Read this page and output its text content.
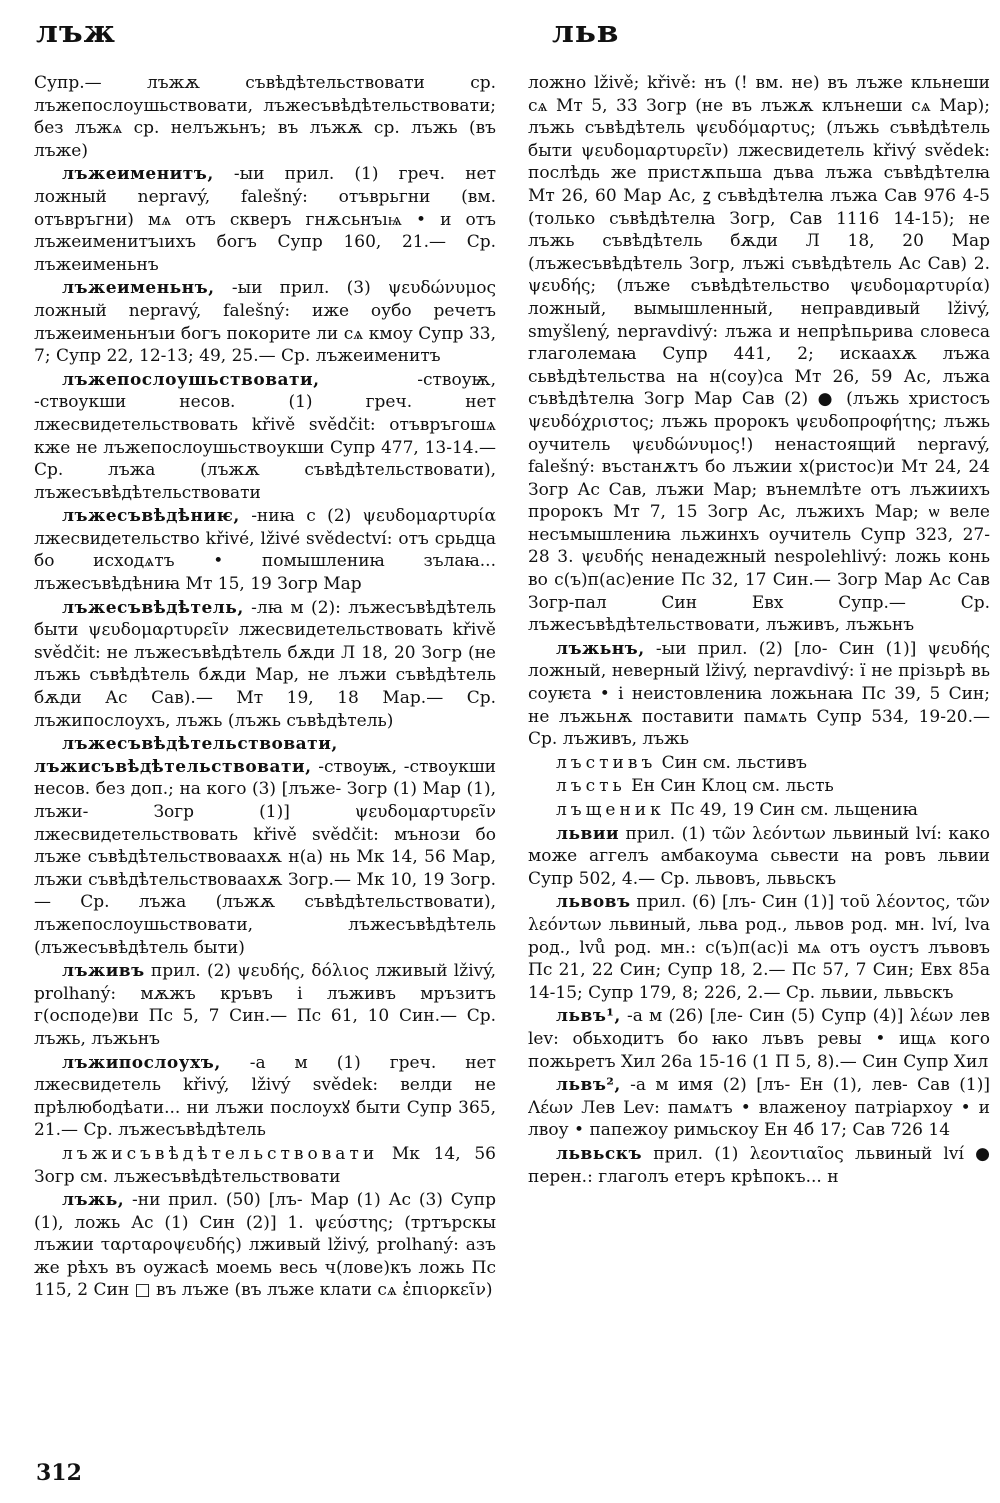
лъж	льв

Супр.— лъжѫ съвѣдѣтельствовати ср. лъжепослоушьствовати, лъжесъвѣдѣтельствовати; без лъжѧ ср. нелъжьнъ; въ лъжѫ ср. лъжь (въ лъже)

лъжеименитъ, -ыи прил. (1) греч. нет ложный nepravý, falešný: отъврьгни (вм. отъвръгни) мѧ отъ скверъ гнѫсьнъıѩ • и отъ лъжеименитъıихъ богъ Супр 160, 21.— Ср. лъжеименьнъ

лъжеименьнъ, -ыи прил. (3) ψευδώνυμος ложный nepravý, falešný: иже оубо речетъ лъжеименьнъıи богъ покорите ли сѧ кмоу Супр 33, 7; Супр 22, 12-13; 49, 25.— Ср. лъжеименитъ

лъжепослоушьствовати, -ствоуѭ, -ствоукши несов. (1) греч. нет лжесвидетельствовать křivě svědčit: отъвръгошѧ кже не лъжепослоушьствоукши Супр 477, 13-14.— Ср. лъжа (лъжѫ съвѣдѣтельствовати), лъжесъвѣдѣтельствовати

лъжесъвѣдѣниѥ, -ниꙗ с (2) ψευδομαρτυρία лжесвидетельство křivé, lživé svědectví: отъ срьдца бо исходѧтъ • помышлениꙗ зълаꙗ... лъжесъвѣдѣниꙗ Мт 15, 19 Зогр Мар

лъжесъвѣдѣтель, -лꙗ м (2): лъжесъвѣдѣтель быти ψευδομαρτυρεῖν лжесвидетельствовать křivě svědčit: не лъжесъвѣдѣтель бѫди Л 18, 20 Зогр (не лъжь съвѣдѣтель бѫди Мар, не лъжи съвѣдѣтель бѫди Ас Сав).— Мт 19, 18 Мар.— Ср. лъжипослоухъ, лъжь (лъжь съвѣдѣтель)

лъжесъвѣдѣтельствовати, лъжисъвѣдѣтельствовати, -ствоуѭ, -ствоукши несов. без доп.; на кого (3) [лъже- Зогр (1) Мар (1), лъжи- Зогр (1)] ψευδομαρτυρεῖν лжесвидетельствовать křivě svědčit: мънози бо лъже съвѣдѣтельствоваахѫ н(а) нь Мк 14, 56 Мар, лъжи съвѣдѣтельствоваахѫ Зогр.— Мк 10, 19 Зогр.— Ср. лъжа (лъжѫ съвѣдѣтельствовати), лъжепослоушьствовати, лъжесъвѣдѣтель (лъжесъвѣдѣтель быти)

лъживъ прил. (2) ψευδής, δόλιος лживый lživý, prolhaný: мѫжъ кръвъ і лъживъ мръзитъ г(осподе)ви Пс 5, 7 Син.— Пс 61, 10 Син.— Ср. лъжь, лъжьнъ

лъжипослоухъ, -а м (1) греч. нет лжесвидетель křivý, lživý svědek: велди не прѣлюбодѣати... ни лъжи послоухꙋ быти Супр 365, 21.— Ср. лъжесъвѣдѣтель

лъжисъвѣдѣтельствовати Мк 14, 56 Зогр см. лъжесъвѣдѣтельствовати

лъжь, -ни прил. (50) [лъ- Мар (1) Ас (3) Супр (1), ложь Ас (1) Син (2)] 1. ψεύστης; (тртърскы лъжии ταρταροψευδής) лживый lživý, prolhaný: азъ же рѣхъ въ оужасѣ моемь весь ч(лове)къ ложь Пс 115, 2 Син □ въ лъже (въ лъже клати сѧ ἐπιορκεῖν)

ложно lživě; křivě: нъ (! вм. не) въ лъже кльнеши сѧ Мт 5, 33 Зогр (не въ лъжѫ клънеши сѧ Мар); лъжь съвѣдѣтель ψευδόμαρτυς; (лъжь съвѣдѣтель быти ψευδομαρτυρεῖν) лжесвидетель křivý svědek: послѣдь же пристѫпьша дъва лъжа съвѣдѣтелꙗ Мт 26, 60 Мар Ас, ꙁ съвѣдѣтелꙗ лъжа Сав 976 4-5 (только съвѣдѣтелꙗ Зогр, Сав 1116 14-15); не лъжь съвѣдѣтель бѫди Л 18, 20 Мар (лъжесъвѣдѣтель Зогр, лъжі съвѣдѣтель Ас Сав) 2. ψευδής; (лъже съвѣдѣтельство ψευδομαρτυρία) ложный, вымышленный, неправдивый lživý, smyšlený, nepravdivý: лъжа и непрѣпьрива словеса глаголемаꙗ Супр 441, 2; искаахѫ лъжа сьвѣдѣтельства на н(соу)са Мт 26, 59 Ас, лъжа съвѣдѣтелꙗ Зогр Мар Сав (2) ● (лъжь христосъ ψευδόχριστος; лъжь пророкъ ψευδοπροφήτης; лъжь оучитель ψευδώνυμος!) ненастоящий nepravý, falešný: въстанѫтъ бо лъжии х(ристос)и Мт 24, 24 Зогр Ас Сав, лъжи Мар; вънемлѣте отъ лъжиихъ пророкъ Мт 7, 15 Зогр Ас, лъжихъ Мар; ѡ веле несъмышлениꙗ льжинхъ оучитель Супр 323, 27-28 3. ψευδής ненадежный nespolehlivý: ложь конь во с(ъ)п(ас)ение Пс 32, 17 Син.— Зогр Мар Ас Сав Зогр-пал Син Евх Супр.— Ср. лъжесъвѣдѣтельствовати, лъживъ, лъжьнъ

лъжьнъ, -ыи прил. (2) [ло- Син (1)] ψευδής ложный, неверный lživý, nepravdivý: ї не прізьрѣ вь соуѥта • і неистовлениꙗ ложьнаꙗ Пс 39, 5 Син; не лъжьнѫ поставити памѧть Супр 534, 19-20.— Ср. лъживъ, лъжь

лъстивъ Син см. льстивъ

лъсть Ен Син Клоц см. льсть

лъщеник Пс 49, 19 Син см. льщениꙗ

львии прил. (1) τῶν λεόντων львиный lví: како може аггелъ амбакоума сьвести на ровъ львии Супр 502, 4.— Ср. львовъ, львьскъ

львовъ прил. (6) [лъ- Син (1)] τοῦ λέοντος, τῶν λεόντων львиный, льва род., львов род. мн. lví, lva род., lvů род. мн.: с(ъ)п(ас)і мѧ отъ оустъ лъвовъ Пс 21, 22 Син; Супр 18, 2.— Пс 57, 7 Син; Евх 85а 14-15; Супр 179, 8; 226, 2.— Ср. львии, львьскъ

львъ¹, -а м (26) [ле- Син (5) Супр (4)] λέων лев lev: обьходитъ бо ꙗко лъвъ ревы • ищѧ кого пожьретъ Хил 26а 15-16 (1 П 5, 8).— Син Супр Хил

львъ², -а м имя (2) [лъ- Ен (1), лев- Сав (1)] Λέων Лев Lev: памѧтъ • влаженоу патріархоу • и лвоу • папежоу римьскоу Ен 4б 17; Сав 726 14

львьскъ прил. (1) λεοντιαῖος львиный lví ● перен.: глаголъ етеръ крѣпокъ... н

312
